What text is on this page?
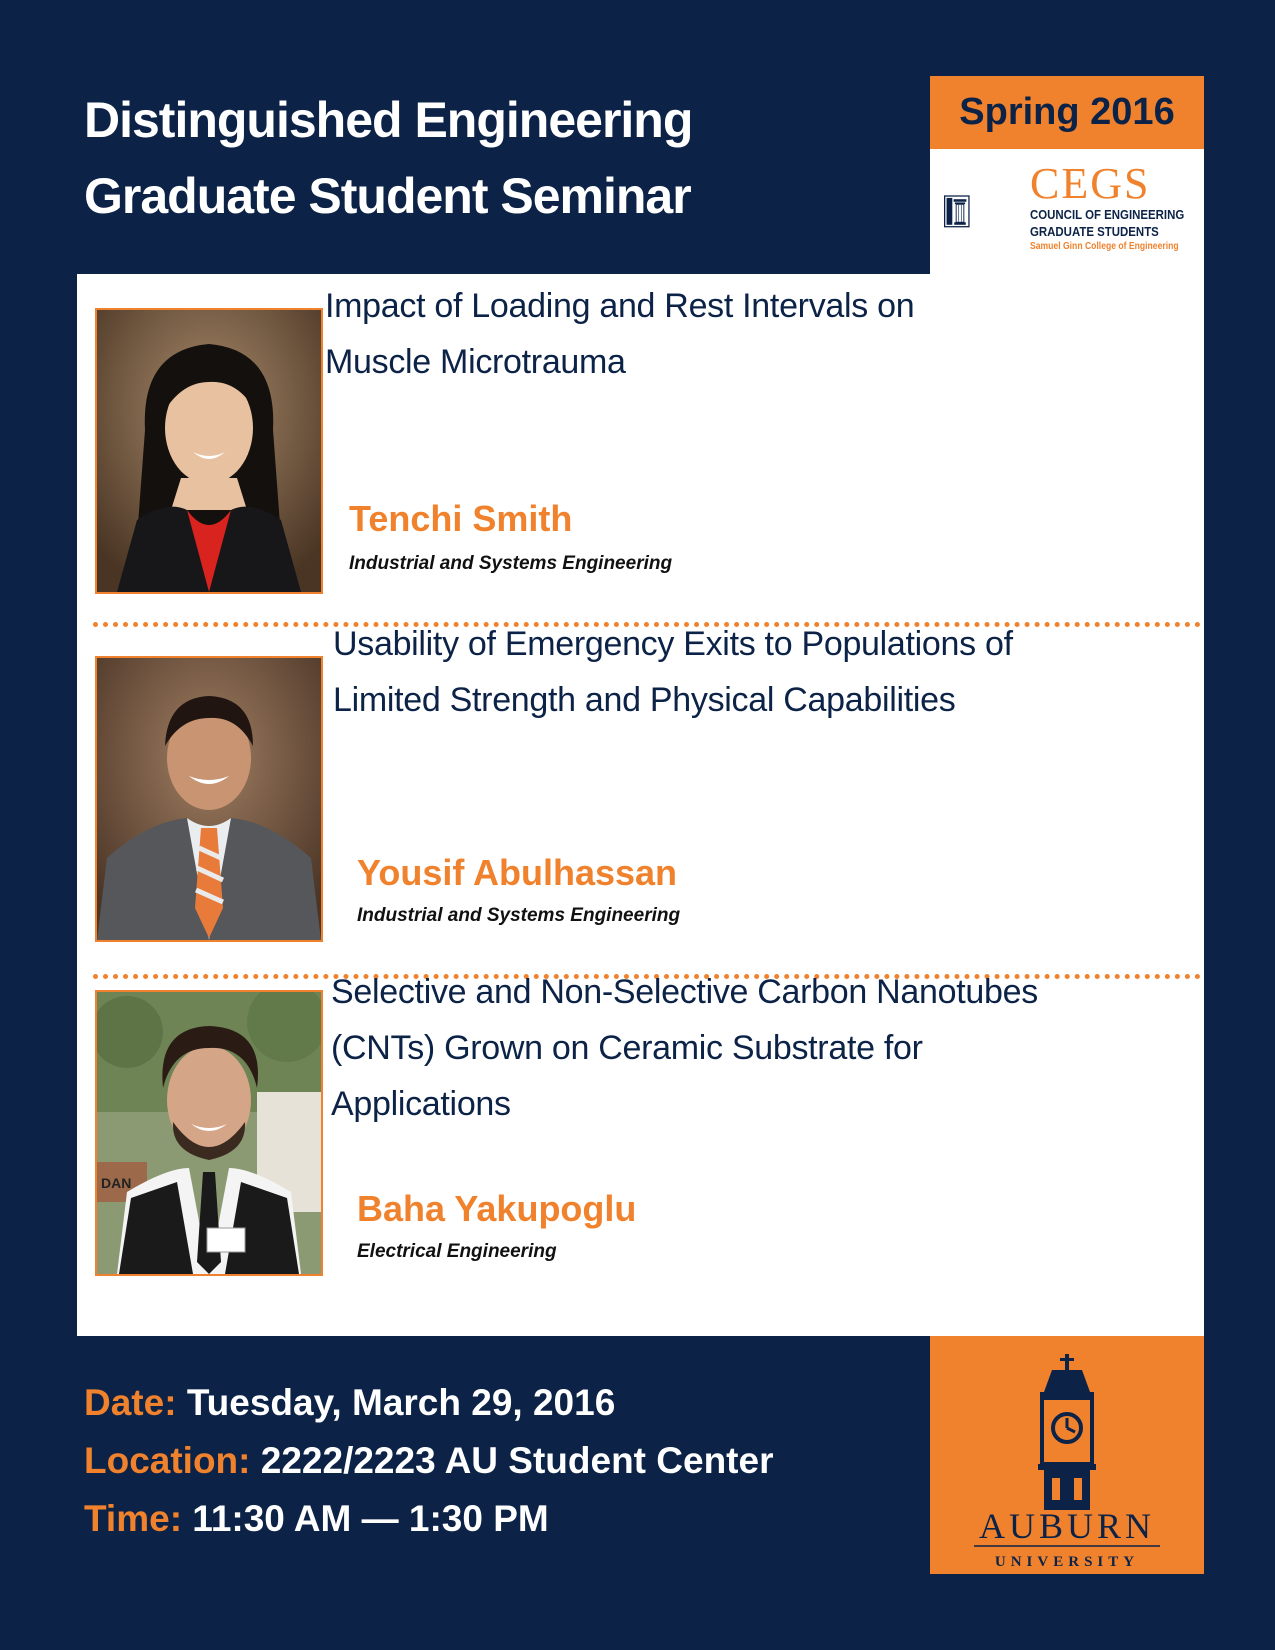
Distinguished Engineering
Graduate Student Seminar
Spring 2016
CEGS
COUNCIL OF ENGINEERING
GRADUATE STUDENTS
Samuel Ginn College of Engineering
Impact of Loading and Rest Intervals on
Muscle Microtrauma
Tenchi Smith
Industrial and Systems Engineering
Usability of Emergency Exits to Populations of
Limited Strength and Physical Capabilities
Yousif Abulhassan
Industrial and Systems Engineering
DAN
Selective and Non-Selective Carbon Nanotubes
(CNTs) Grown on Ceramic Substrate for
Applications
Baha Yakupoglu
Electrical Engineering
Date: Tuesday, March 29, 2016
Location: 2222/2223 AU Student Center
Time: 11:30 AM — 1:30 PM	AUBURN
UNIVERSITY
